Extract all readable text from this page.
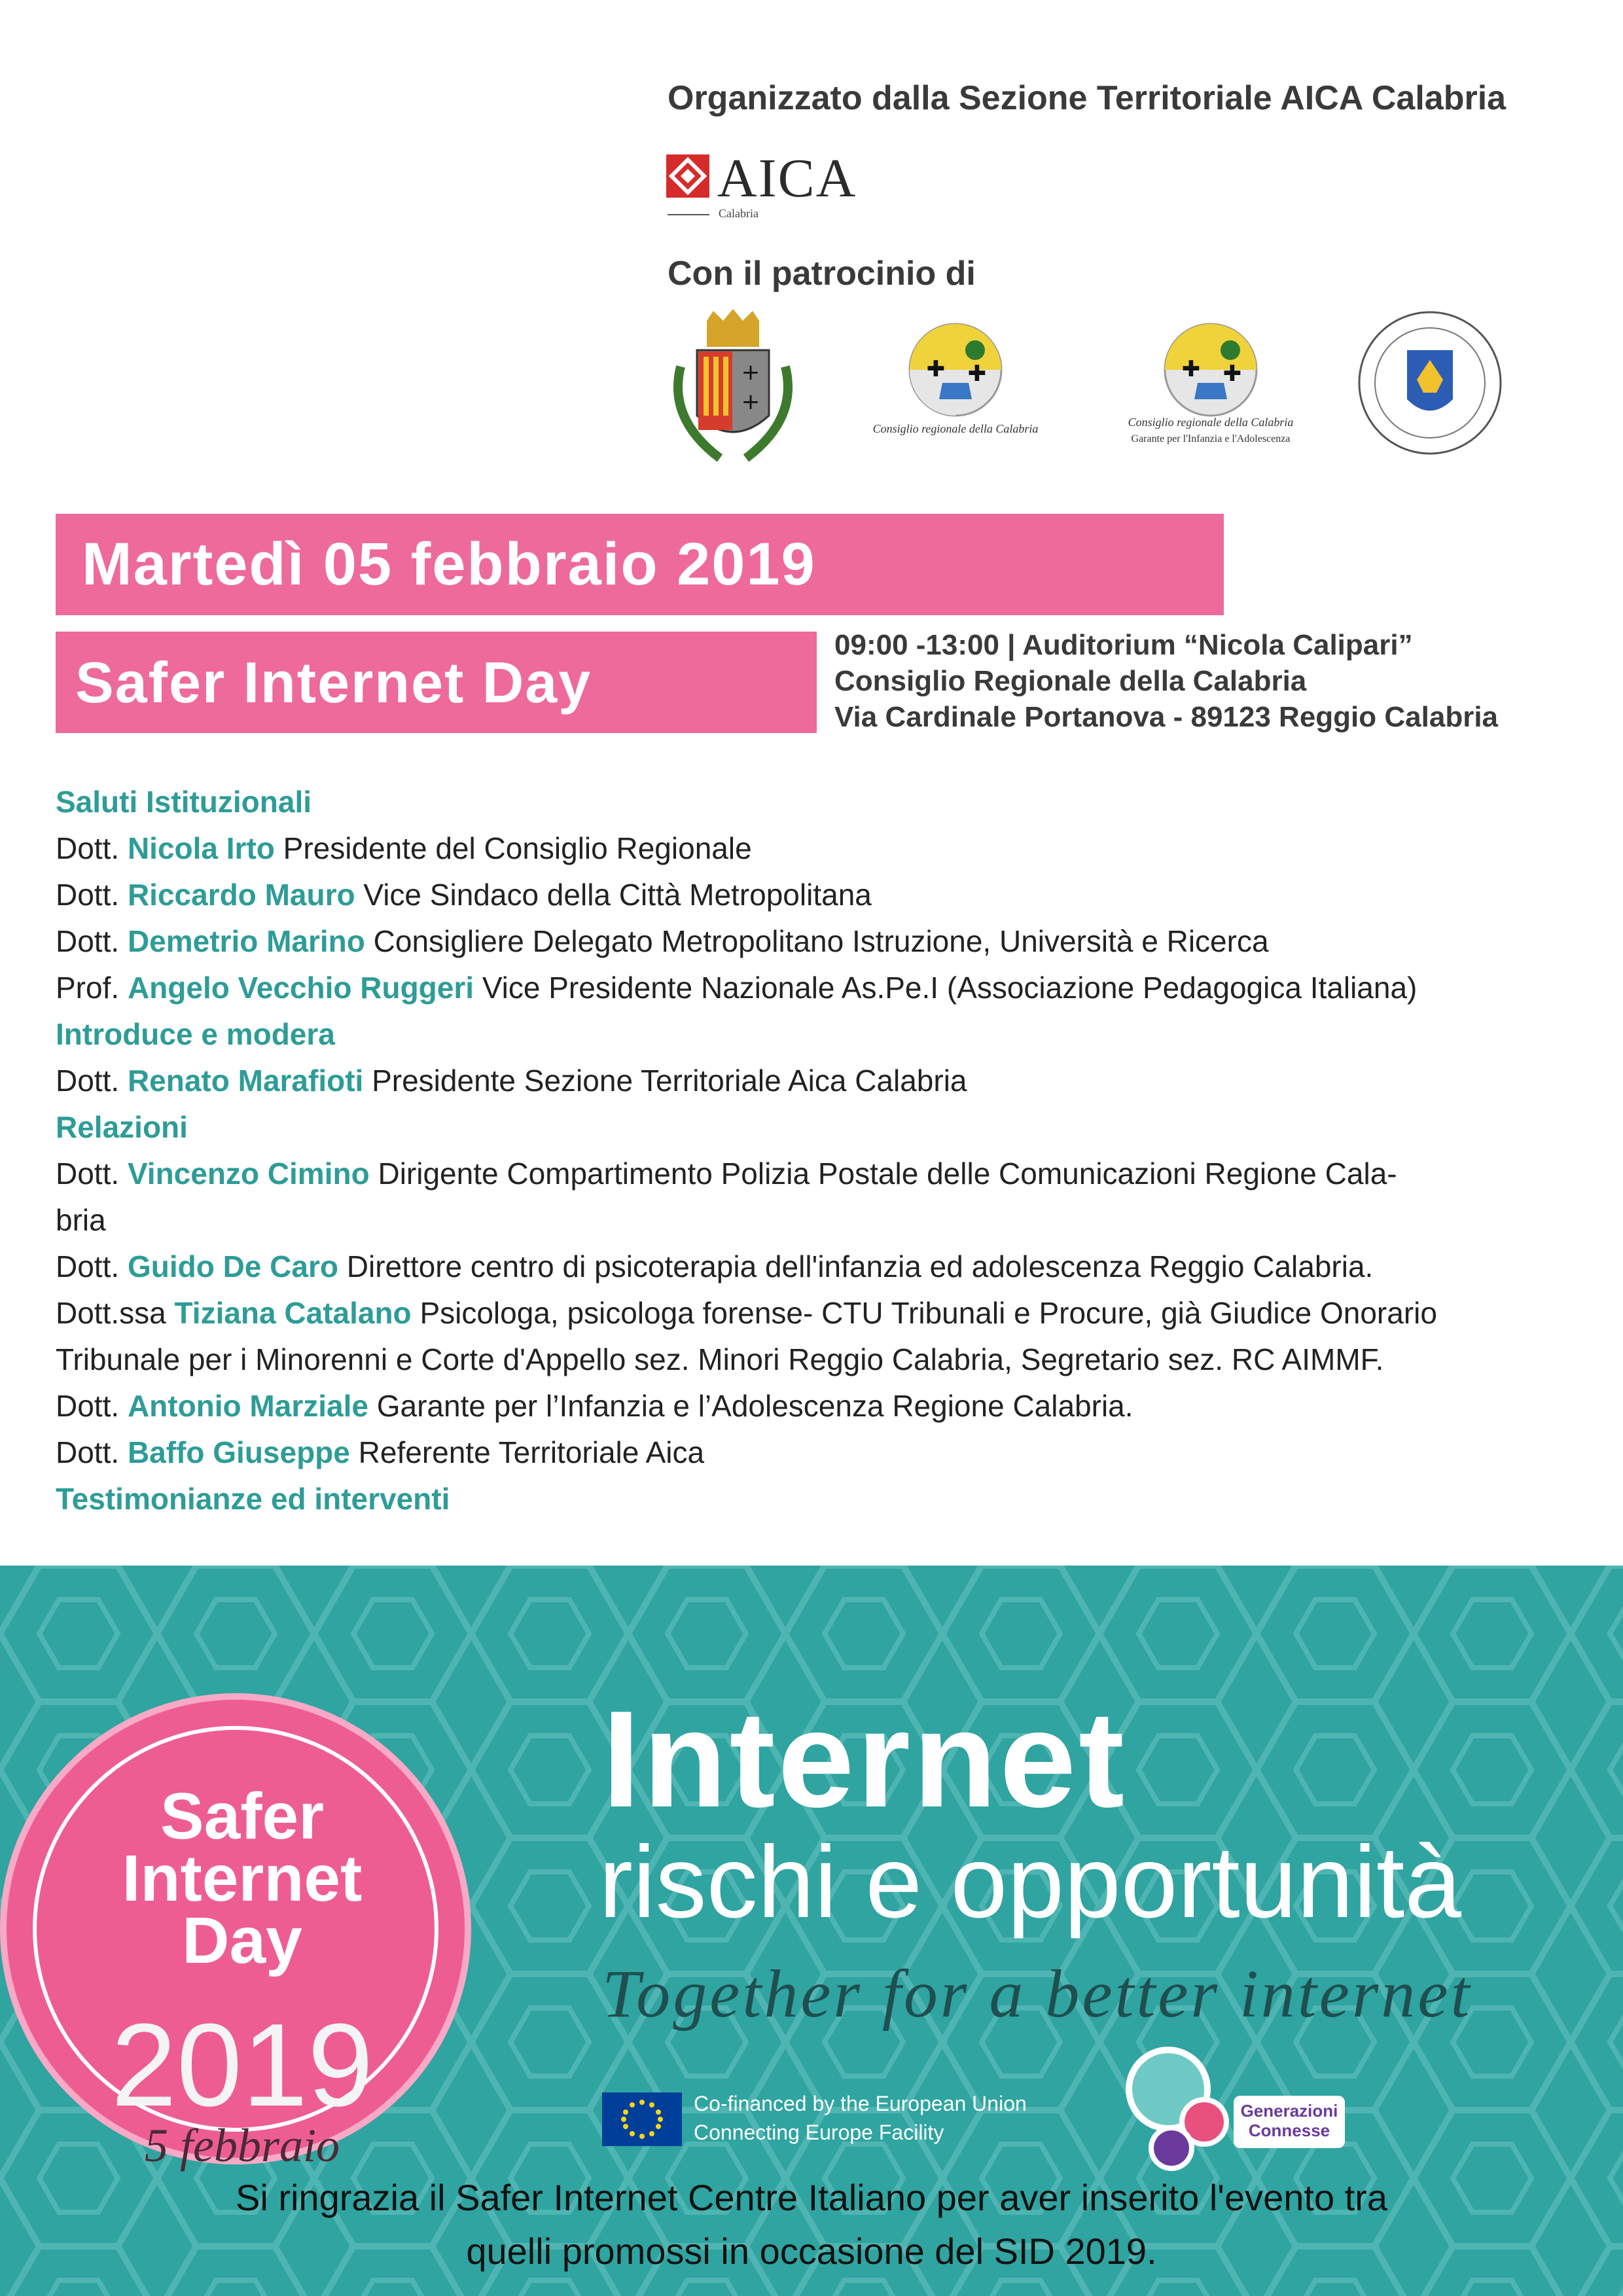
Organizzato dalla Sezione Territoriale AICA Calabria
AICA
Calabria
Con il patrocinio di
+
+
✚ ✚
Consiglio regionale della Calabria
✚ ✚
Consiglio regionale della Calabria
Garante per l'Infanzia e l'Adolescenza
Martedì 05 febbraio 2019
Safer Internet Day
09:00 -13:00 | Auditorium “Nicola Calipari”
Consiglio Regionale della Calabria
Via Cardinale Portanova - 89123 Reggio Calabria
Saluti Istituzionali
Dott. Nicola Irto Presidente del Consiglio Regionale
Dott. Riccardo Mauro Vice Sindaco della Città Metropolitana
Dott. Demetrio Marino Consigliere Delegato Metropolitano Istruzione, Università e Ricerca
Prof. Angelo Vecchio Ruggeri Vice Presidente Nazionale As.Pe.I (Associazione Pedagogica Italiana)
Introduce e modera
Dott. Renato Marafioti Presidente Sezione Territoriale Aica Calabria
Relazioni
Dott. Vincenzo Cimino Dirigente Compartimento Polizia Postale delle Comunicazioni Regione Cala-
bria
Dott. Guido De Caro Direttore centro di psicoterapia dell'infanzia ed adolescenza Reggio Calabria.
Dott.ssa Tiziana Catalano Psicologa, psicologa forense- CTU Tribunali e Procure, già Giudice Onorario
Tribunale per i Minorenni e Corte d'Appello sez. Minori Reggio Calabria, Segretario sez. RC AIMMF.
Dott. Antonio Marziale Garante per l’Infanzia e l’Adolescenza Regione Calabria.
Dott. Baffo Giuseppe Referente Territoriale Aica
Testimonianze ed interventi
Safer
Internet
Day
2019
5 febbraio
Internet
rischi e opportunità
Together for a better internet
Co-financed by the European Union
Connecting Europe Facility
Generazioni
Connesse
Si ringrazia il Safer Internet Centre Italiano per aver inserito l'evento tra
quelli promossi in occasione del SID 2019.
